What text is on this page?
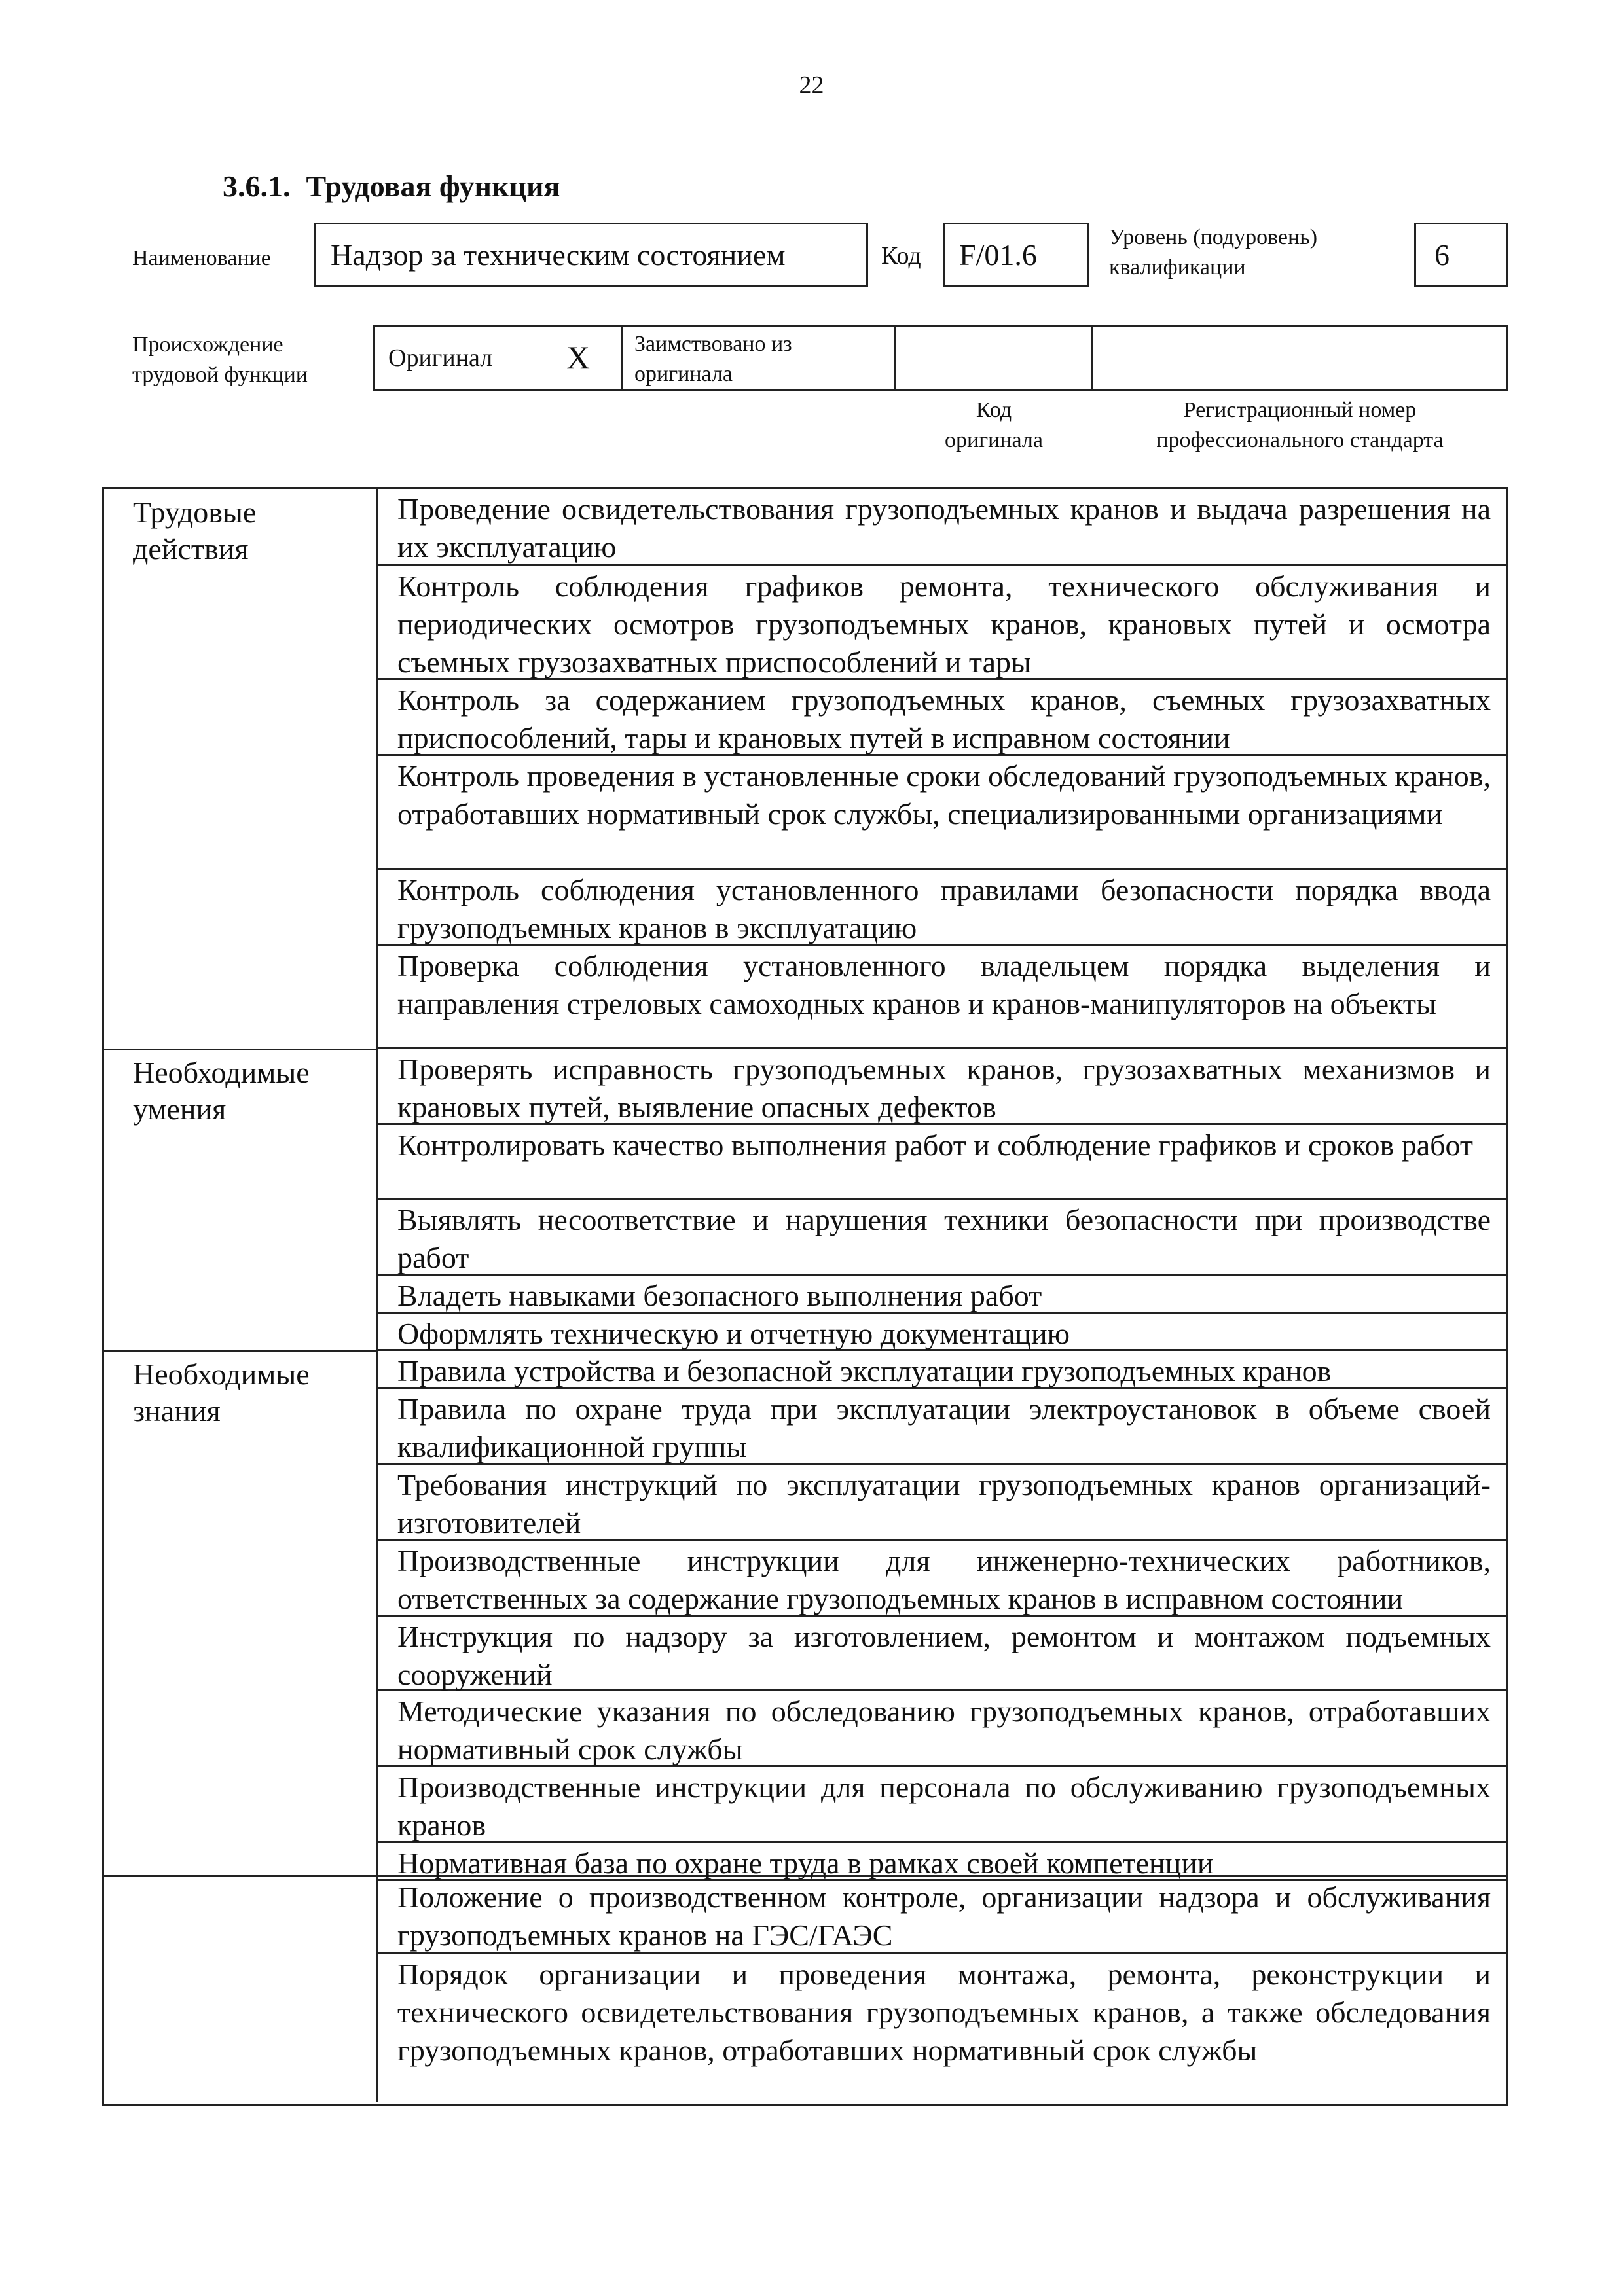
22
3.6.1. Трудовая функция
Наименование Надзор за техническим состоянием	Код F/01.6
Уровень (подуровень)
квалификации	6
Происхождение
трудовой функции
Оригинал X Заимствовано из
оригинала
Код
оригинала
Регистрационный номер
профессионального стандарта
Трудовые
действия
Необходимые
умения
Необходимые
знания
Проведение освидетельствования грузоподъемных кранов и выдача разрешения на их эксплуатацию
Контроль соблюдения графиков ремонта, технического обслуживания и периодических осмотров грузоподъемных кранов, крановых путей и осмотра съемных грузозахватных приспособлений и тары
Контроль за содержанием грузоподъемных кранов, съемных грузозахватных приспособлений, тары и крановых путей в исправном состоянии
Контроль проведения в установленные сроки обследований грузоподъемных кранов, отработавших нормативный срок службы, специализированными организациями
Контроль соблюдения установленного правилами безопасности порядка ввода грузоподъемных кранов в эксплуатацию
Проверка соблюдения установленного владельцем порядка выделения и направления стреловых самоходных кранов и кранов-манипуляторов на объекты
Проверять исправность грузоподъемных кранов, грузозахватных механизмов и крановых путей, выявление опасных дефектов
Контролировать качество выполнения работ и соблюдение графиков и сроков работ
Выявлять несоответствие и нарушения техники безопасности при производстве работ
Владеть навыками безопасного выполнения работ
Оформлять техническую и отчетную документацию
Правила устройства и безопасной эксплуатации грузоподъемных кранов
Правила по охране труда при эксплуатации электроустановок в объеме своей квалификационной группы
Требования инструкций по эксплуатации грузоподъемных кранов организаций-изготовителей
Производственные инструкции для инженерно-технических работников, ответственных за содержание грузоподъемных кранов в исправном состоянии
Инструкция по надзору за изготовлением, ремонтом и монтажом подъемных сооружений
Методические указания по обследованию грузоподъемных кранов, отработавших нормативный срок службы
Производственные инструкции для персонала по обслуживанию грузоподъемных кранов
Нормативная база по охране труда в рамках своей компетенции
Положение о производственном контроле, организации надзора и обслуживания грузоподъемных кранов на ГЭС/ГАЭС
Порядок организации и проведения монтажа, ремонта, реконструкции и технического освидетельствования грузоподъемных кранов, а также обследования грузоподъемных кранов, отработавших нормативный срок службы
